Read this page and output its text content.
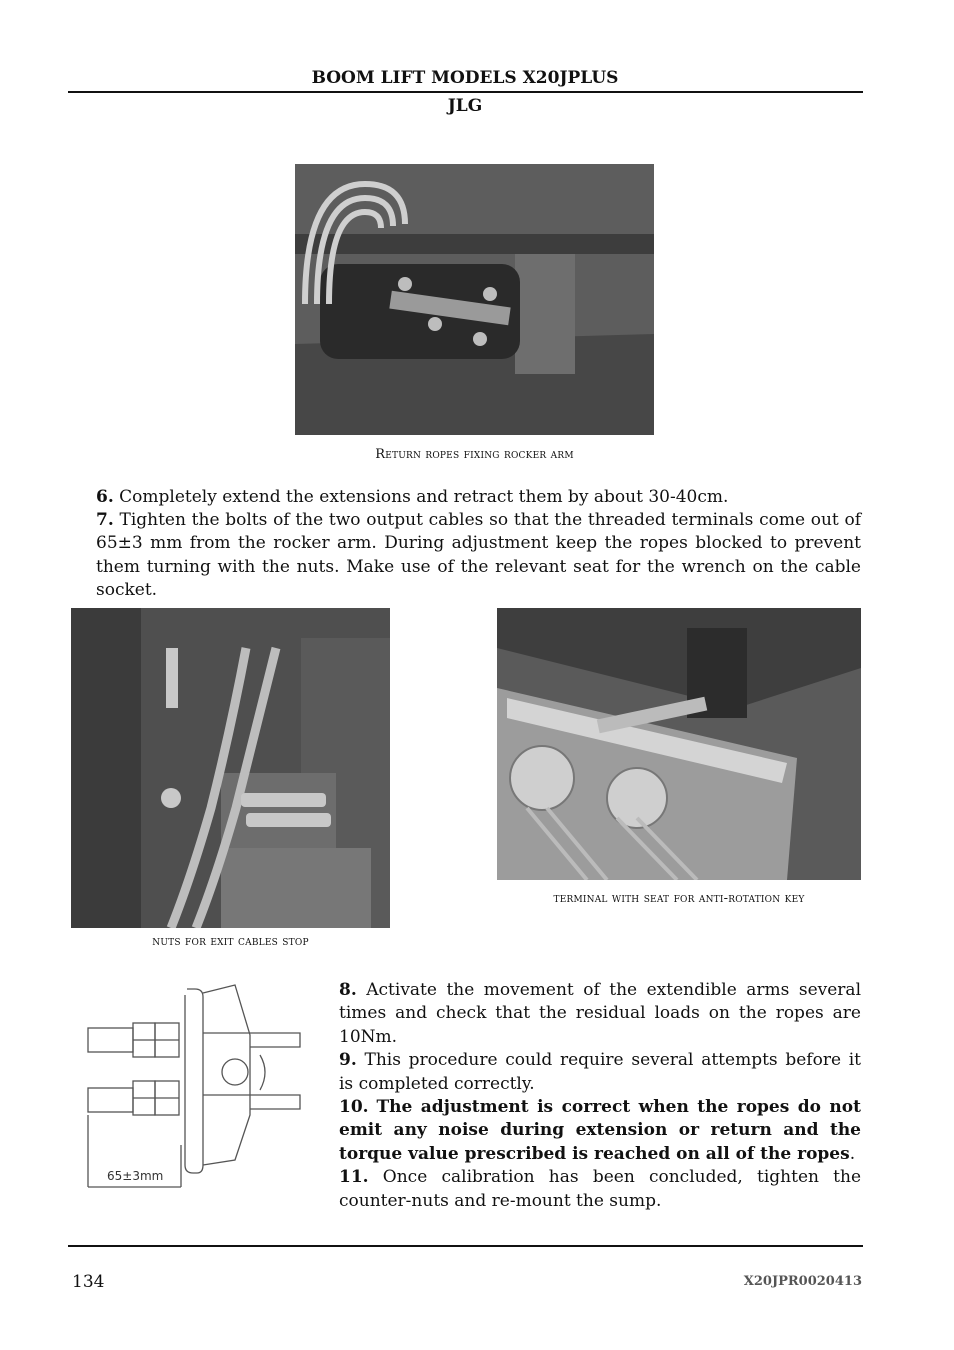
BOOM LIFT MODELS X20JPLUS
JLG
Return ropes fixing rocker arm
6. Completely extend the extensions and retract them by about 30-40cm.
7. Tighten the bolts of the two output cables so that the threaded terminals come out of 65±3 mm from the rocker arm. During adjustment keep the ropes blocked to prevent them turning with the nuts. Make use of the relevant seat for the wrench on the cable socket.
nuts for exit cables stop
terminal with seat for anti-rotation key
65±3mm
8. Activate the movement of the extendible arms several times and check that the residual loads on the ropes are 10Nm.
9. This procedure could require several attempts before it is completed correctly.
10. The adjustment is correct when the ropes do not emit any noise during extension or return and the torque value prescribed is reached on all of the ropes.
11. Once calibration has been concluded, tighten the counter-nuts and re-mount the sump.
134	X20JPR0020413
